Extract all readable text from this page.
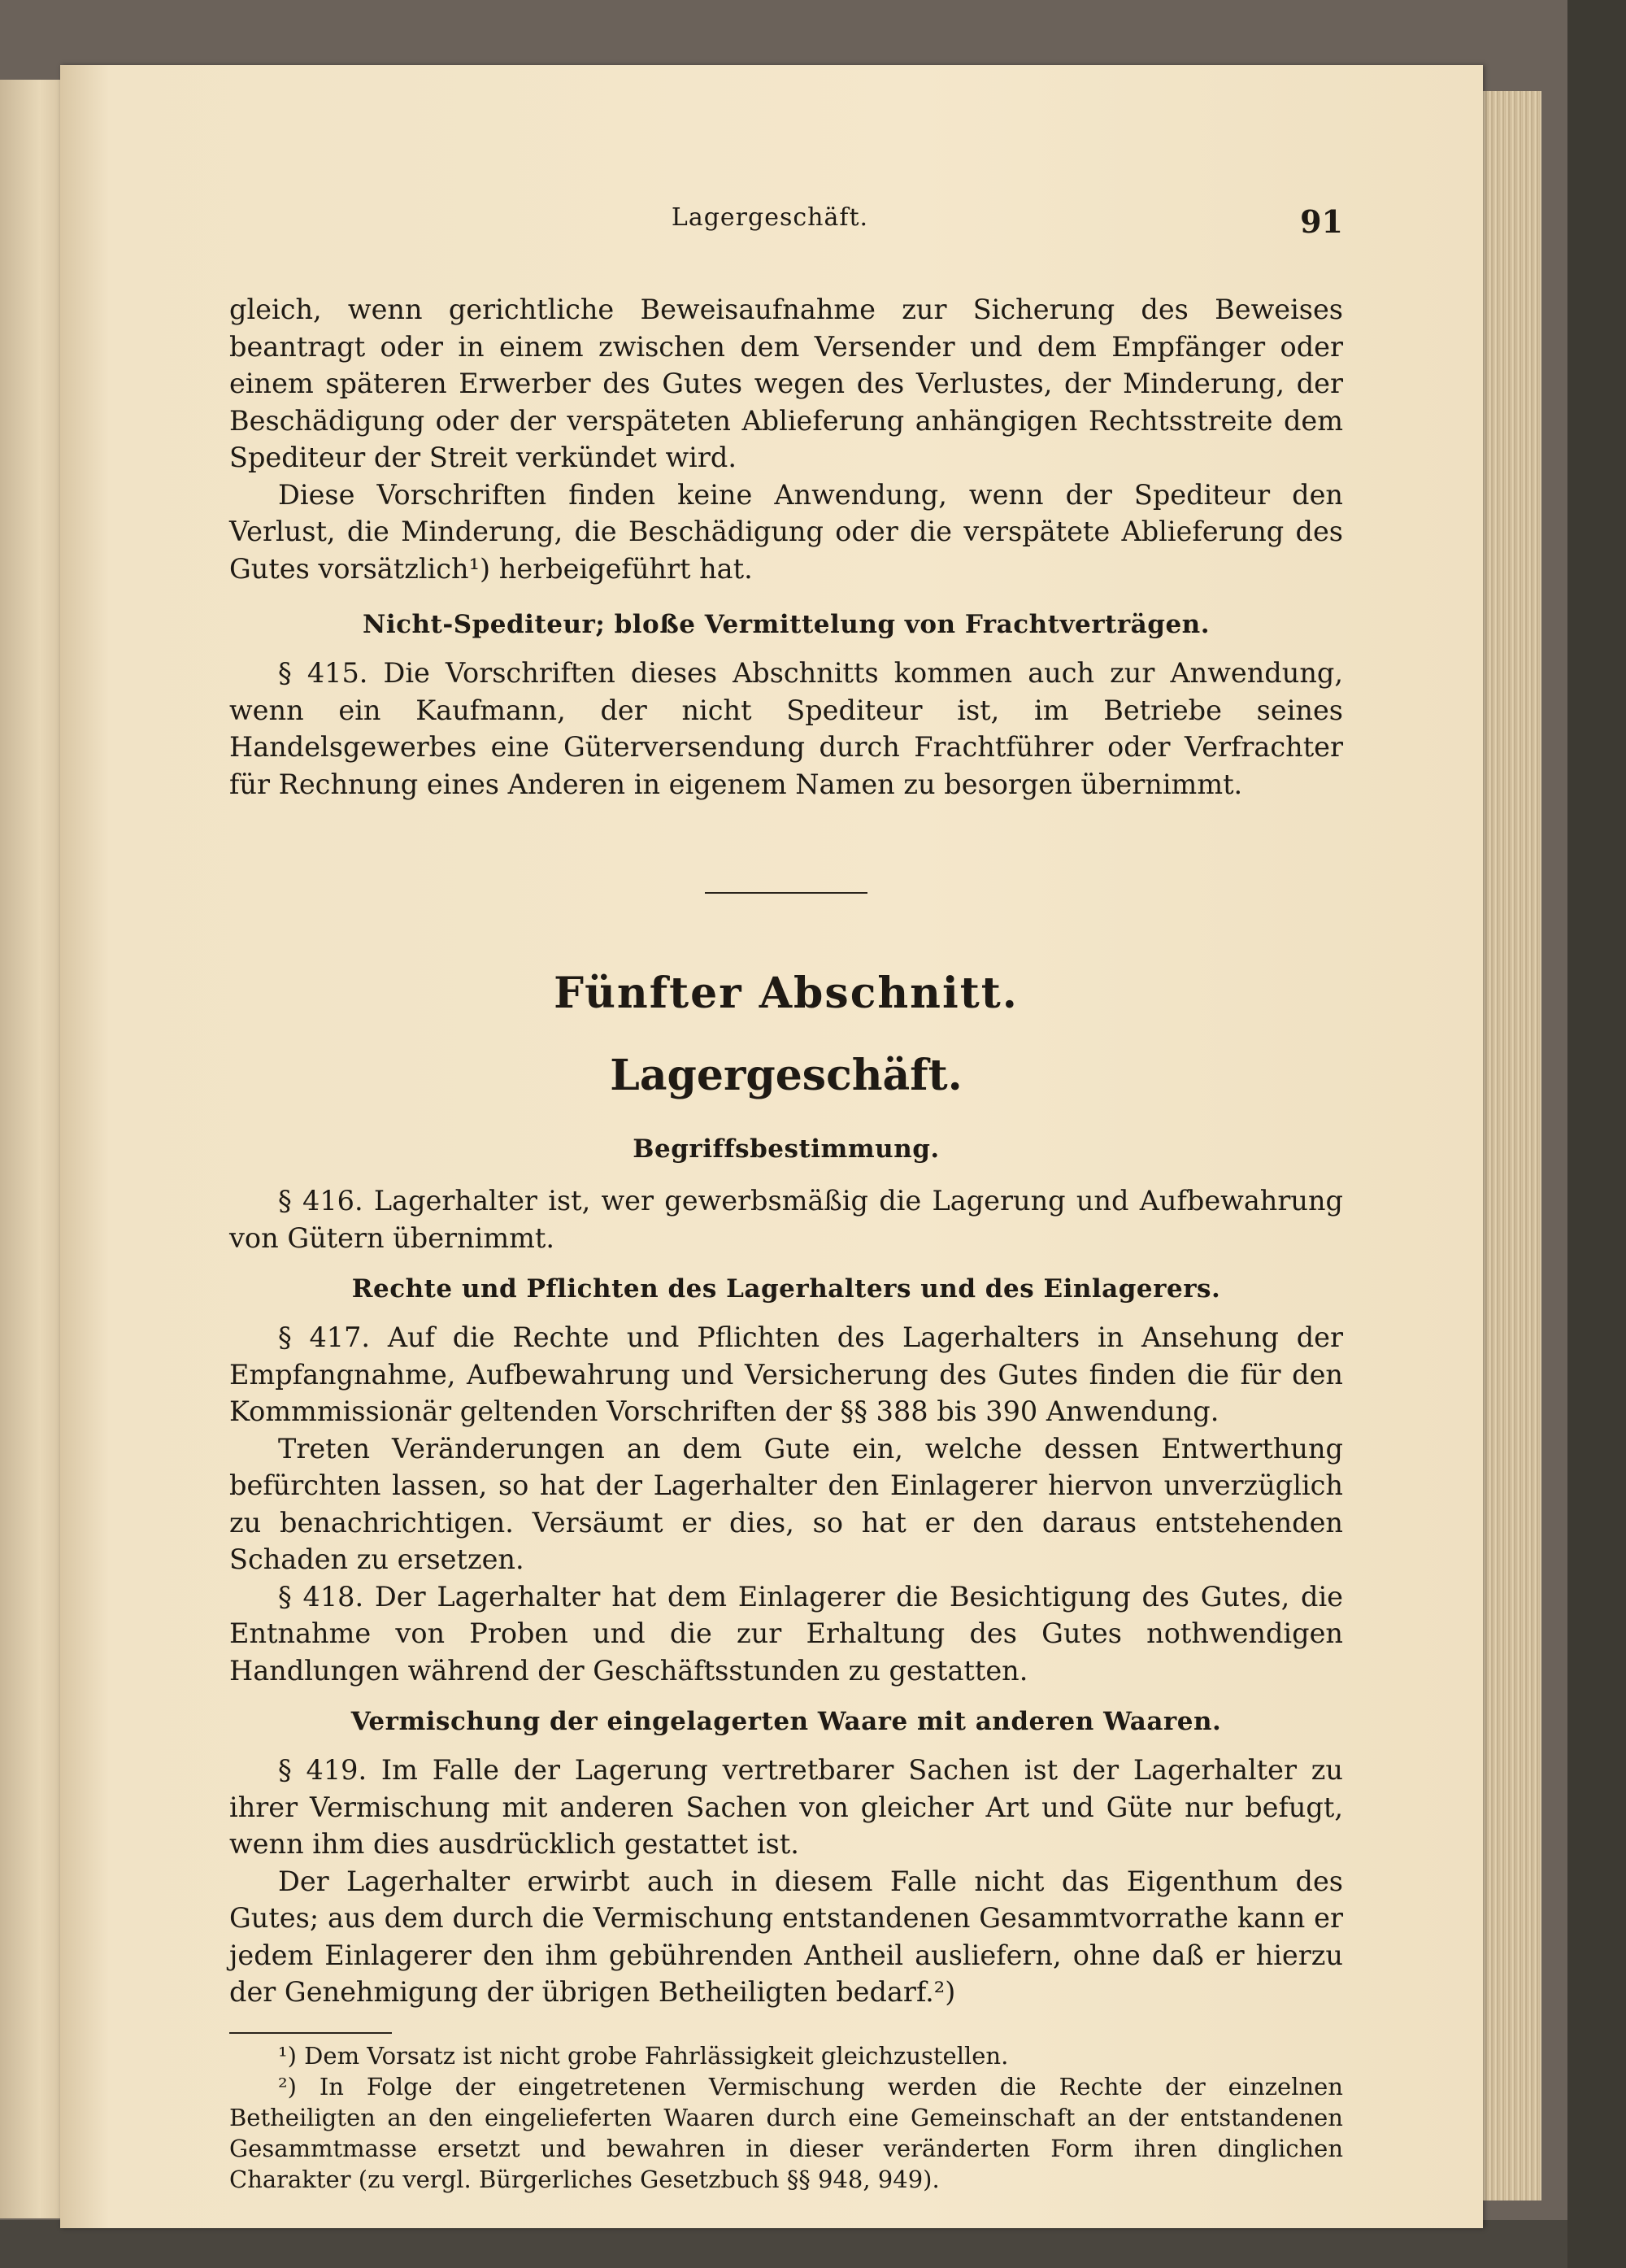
Lagergeschäft.	91

gleich, wenn gerichtliche Beweisaufnahme zur Sicherung des Beweises beantragt oder in einem zwischen dem Versender und dem Empfänger oder einem späteren Erwerber des Gutes wegen des Verlustes, der Minderung, der Beschädigung oder der verspäteten Ablieferung anhängigen Rechtsstreite dem Spediteur der Streit verkündet wird.

Diese Vorschriften finden keine Anwendung, wenn der Spediteur den Verlust, die Minderung, die Beschädigung oder die verspätete Ablieferung des Gutes vorsätzlich¹) herbeigeführt hat.

Nicht-Spediteur; bloße Vermittelung von Frachtverträgen.

§ 415. Die Vorschriften dieses Abschnitts kommen auch zur Anwendung, wenn ein Kaufmann, der nicht Spediteur ist, im Betriebe seines Handelsgewerbes eine Güterversendung durch Frachtführer oder Verfrachter für Rechnung eines Anderen in eigenem Namen zu besorgen übernimmt.

Fünfter Abschnitt.
Lagergeschäft.
Begriffsbestimmung.

§ 416. Lagerhalter ist, wer gewerbsmäßig die Lagerung und Aufbewahrung von Gütern übernimmt.

Rechte und Pflichten des Lagerhalters und des Einlagerers.

§ 417. Auf die Rechte und Pflichten des Lagerhalters in Ansehung der Empfangnahme, Aufbewahrung und Versicherung des Gutes finden die für den Kommmissionär geltenden Vorschriften der §§ 388 bis 390 Anwendung.

Treten Veränderungen an dem Gute ein, welche dessen Entwerthung befürchten lassen, so hat der Lagerhalter den Einlagerer hiervon unverzüglich zu benachrichtigen. Versäumt er dies, so hat er den daraus entstehenden Schaden zu ersetzen.

§ 418. Der Lagerhalter hat dem Einlagerer die Besichtigung des Gutes, die Entnahme von Proben und die zur Erhaltung des Gutes nothwendigen Handlungen während der Geschäftsstunden zu gestatten.

Vermischung der eingelagerten Waare mit anderen Waaren.

§ 419. Im Falle der Lagerung vertretbarer Sachen ist der Lagerhalter zu ihrer Vermischung mit anderen Sachen von gleicher Art und Güte nur befugt, wenn ihm dies ausdrücklich gestattet ist.

Der Lagerhalter erwirbt auch in diesem Falle nicht das Eigenthum des Gutes; aus dem durch die Vermischung entstandenen Gesammtvorrathe kann er jedem Einlagerer den ihm gebührenden Antheil ausliefern, ohne daß er hierzu der Genehmigung der übrigen Betheiligten bedarf.²)

¹) Dem Vorsatz ist nicht grobe Fahrlässigkeit gleichzustellen.

²) In Folge der eingetretenen Vermischung werden die Rechte der einzelnen Betheiligten an den eingelieferten Waaren durch eine Gemeinschaft an der entstandenen Gesammtmasse ersetzt und bewahren in dieser veränderten Form ihren dinglichen Charakter (zu vergl. Bürgerliches Gesetzbuch §§ 948, 949).
